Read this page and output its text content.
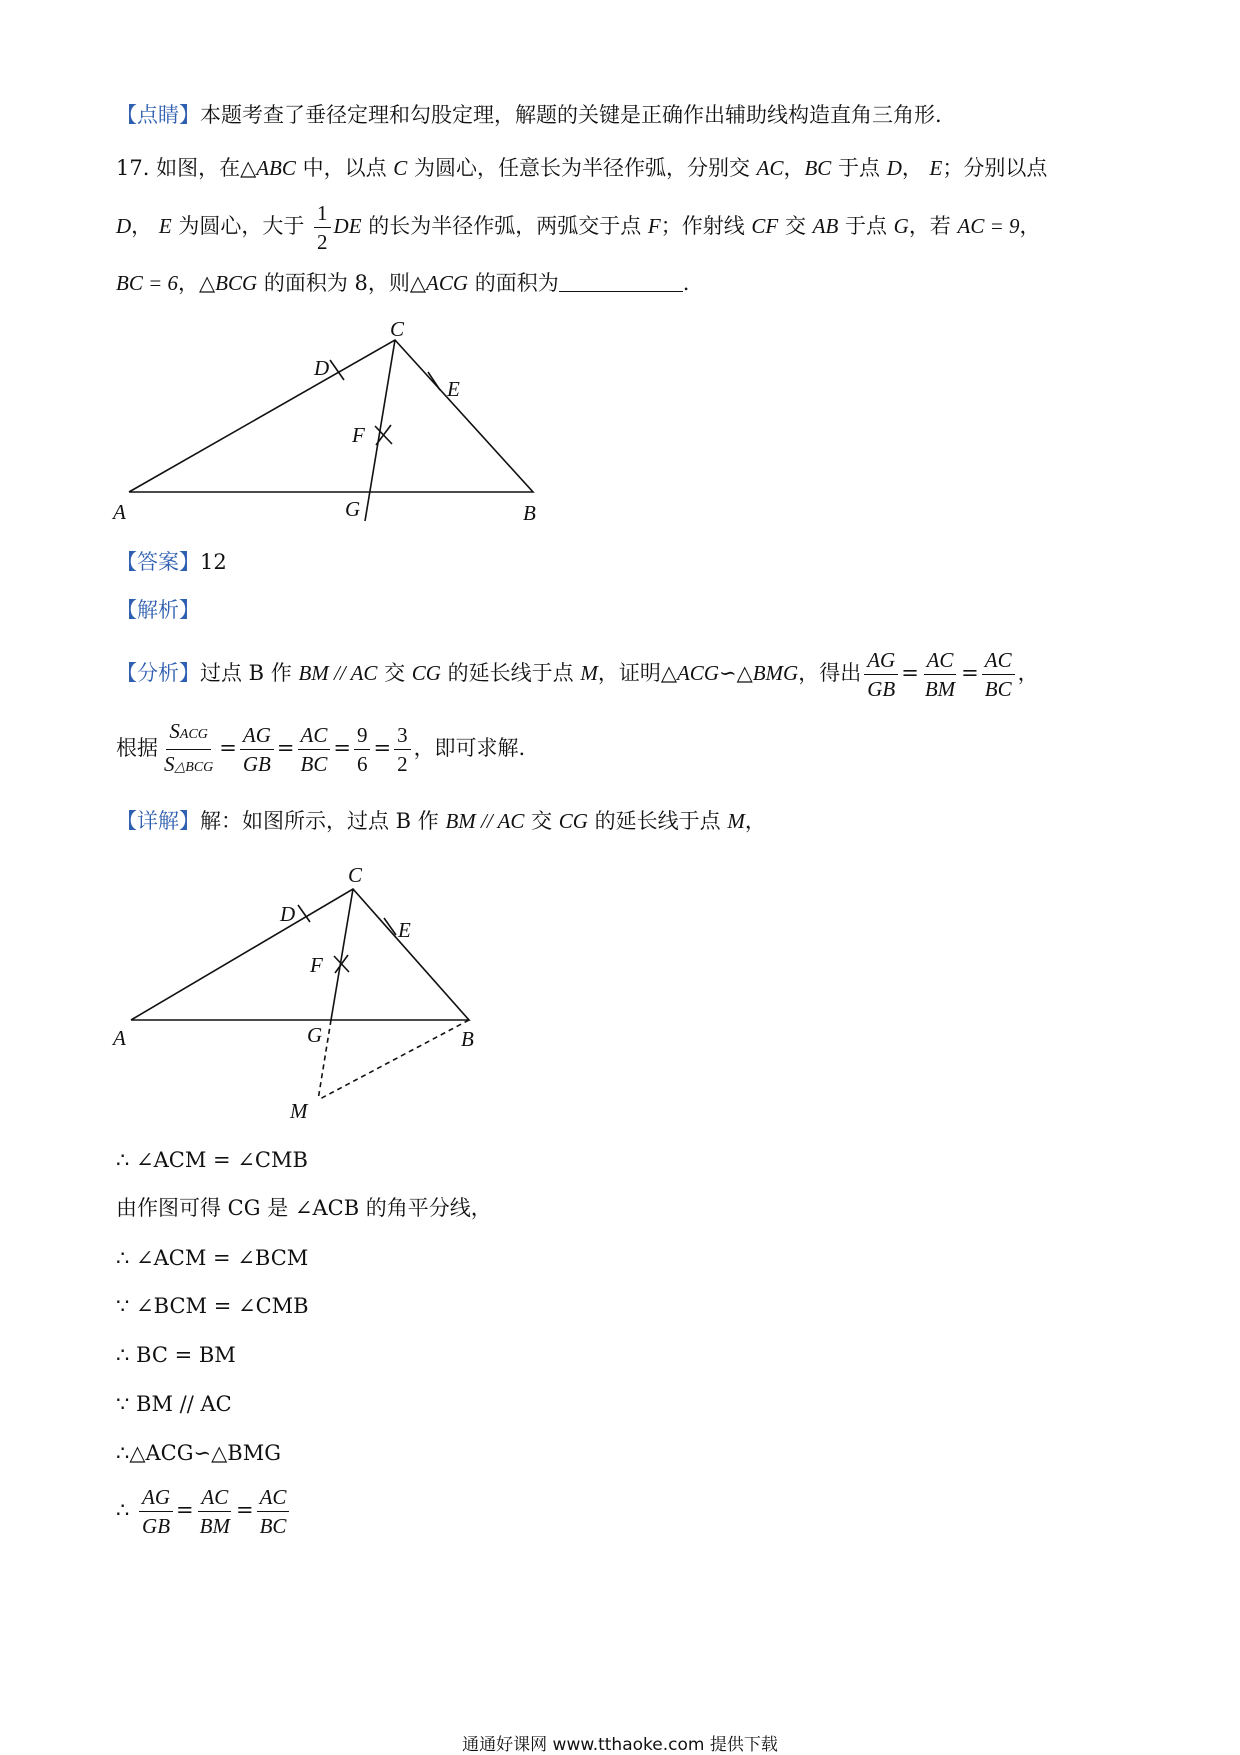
【点睛】本题考查了垂径定理和勾股定理，解题的关键是正确作出辅助线构造直角三角形.
17. 如图，在△ABC 中，以点 C 为圆心，任意长为半径作弧，分别交 AC，BC 于点 D， E；分别以点
D， E 为圆心，大于 $\frac{1}{2}$ DE 的长为半径作弧，两弧交于点 F；作射线 CF 交 AB 于点 G，若 AC = 9，
BC = 6，△BCG 的面积为 8，则△ACG 的面积为	.
C
D
E
F
A	G	B
C
D
E
F
A	G	B
M
【答案】12
【解析】
【分析】过点 B 作 BM // AC 交 CG 的延长线于点 M，证明△ACG∽△BMG，得出 $\frac{AG}{GB} = \frac{AC}{BM} = \frac{AC}{BC}$ ，
根据 $\frac{\text{SACG}}{\text{S△BCG}} = \frac{AG}{GB} = \frac{AC}{BC} = \frac{9}{6} = \frac{3}{2}$ ，即可求解.
【详解】解：如图所示，过点 B 作 BM // AC 交 CG 的延长线于点 M，
∴ ∠ACM = ∠CMB
由作图可得 CG 是 ∠ACB 的角平分线，
∴ ∠ACM = ∠BCM
∵ ∠BCM = ∠CMB
∴ BC = BM
∵ BM // AC
∴△ACG∽△BMG
∴ $\frac{AG}{GB} = \frac{AC}{BM} = \frac{AC}{BC}$
通通好课网 www.tthaoke.com 提供下载
